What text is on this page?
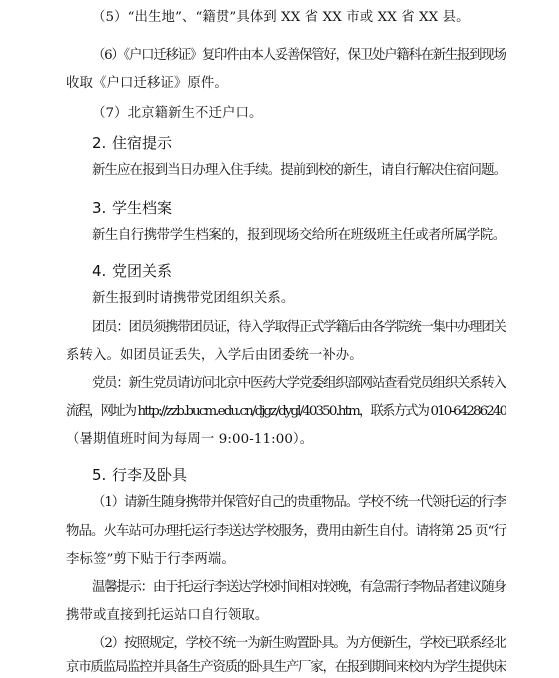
（5）“出生地”、“籍贯”具体到 XX 省 XX 市或 XX 省 XX 县。
（6）《户口迁移证》复印件由本人妥善保管好，保卫处户籍科在新生报到现场
收取《户口迁移证》原件。
（7）北京籍新生不迁户口。
2. 住宿提示
新生应在报到当日办理入住手续。提前到校的新生，请自行解决住宿问题。
3. 学生档案
新生自行携带学生档案的，报到现场交给所在班级班主任或者所属学院。
4. 党团关系
新生报到时请携带党团组织关系。
团员：团员须携带团员证，待入学取得正式学籍后由各学院统一集中办理团关
系转入。如团员证丢失，入学后由团委统一补办。
党员：新生党员请访问北京中医药大学党委组织部网站查看党员组织关系转入
流程，网址为 http://zzb.bucm.edu.cn/djgz/dygl/40350.htm，联系方式为 010-64286240
（暑期值班时间为每周一 9:00-11:00）。
5. 行李及卧具
（1）请新生随身携带并保管好自己的贵重物品。学校不统一代领托运的行李
物品。火车站可办理托运行李送达学校服务，费用由新生自付。请将第 25 页“行
李标签”剪下贴于行李两端。
温馨提示：由于托运行李送达学校时间相对较晚，有急需行李物品者建议随身
携带或直接到托运站口自行领取。
（2）按照规定，学校不统一为新生购置卧具。为方便新生，学校已联系经北
京市质监局监控并具备生产资质的卧具生产厂家，在报到期间来校内为学生提供床
